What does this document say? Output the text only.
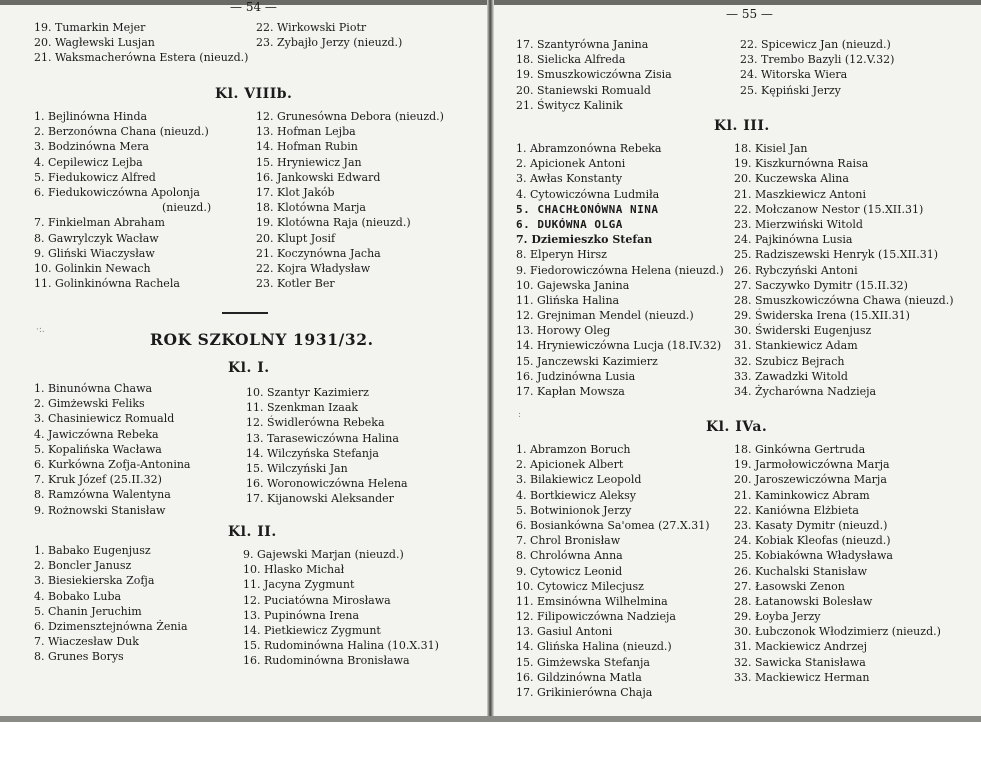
— 54 —
19. Tumarkin Mejer
20. Wagłewski Lusjan
21. Waksmacherówna Estera (nieuzd.)
22. Wirkowski Piotr
23. Zybajło Jerzy (nieuzd.)
Kl. VIIIb.
1. Bejlinówna Hinda
2. Berzonówna Chana (nieuzd.)
3. Bodzinówna Mera
4. Cepilewicz Lejba
5. Fiedukowicz Alfred
6. Fiedukowiczówna Apolonja
(nieuzd.)
7. Finkielman Abraham
8. Gawrylczyk Wacław
9. Gliński Wiaczysław
10. Golinkin Newach
11. Golinkinówna Rachela
12. Grunesówna Debora (nieuzd.)
13. Hofman Lejba
14. Hofman Rubin
15. Hryniewicz Jan
16. Jankowski Edward
17. Klot Jakób
18. Klotówna Marja
19. Klotówna Raja (nieuzd.)
20. Klupt Josif
21. Koczynówna Jacha
22. Kojra Władysław
23. Kotler Ber
·:.	ROK SZKOLNY 1931/32.
Kl. I.
1. Binunówna Chawa
2. Gimżewski Feliks
3. Chasiniewicz Romuald
4. Jawiczówna Rebeka
5. Kopalińska Wacława
6. Kurkówna Zofja-Antonina
7. Kruk Józef (25.II.32)
8. Ramzówna Walentyna
9. Rożnowski Stanisław
10. Szantyr Kazimierz
11. Szenkman Izaak
12. Świdlerówna Rebeka
13. Tarasewiczówna Halina
14. Wilczyńska Stefanja
15. Wilczyński Jan
16. Woronowiczówna Helena
17. Kijanowski Aleksander
Kl. II.
1. Babako Eugenjusz
2. Boncler Janusz
3. Biesiekierska Zofja
4. Bobako Luba
5. Chanin Jeruchim
6. Dzimensztejnówna Żenia
7. Wiaczesław Duk
8. Grunes Borys
9. Gajewski Marjan (nieuzd.)
10. Hlasko Michał
11. Jacyna Zygmunt
12. Puciatówna Mirosława
13. Pupinówna Irena
14. Pietkiewicz Zygmunt
15. Rudominówna Halina (10.X.31)
16. Rudominówna Bronisława
— 55 —
17. Szantyrówna Janina
18. Sielicka Alfreda
19. Smuszkowiczówna Zisia
20. Staniewski Romuald
21. Świtycz Kalinik
22. Spicewicz Jan (nieuzd.)
23. Trembo Bazyli (12.V.32)
24. Witorska Wiera
25. Kępiński Jerzy
Kl. III.
1. Abramzonówna Rebeka
2. Apicionek Antoni
3. Awłas Konstanty
4. Cytowiczówna Ludmiła
5. CHACHŁONÓWNA NINA
6. DUKÓWNA OLGA
7. Dziemieszko Stefan
8. Elperyn Hirsz
9. Fiedorowiczówna Helena (nieuzd.)
10. Gajewska Janina
11. Glińska Halina
12. Grejniman Mendel (nieuzd.)
13. Horowy Oleg
14. Hryniewiczówna Lucja (18.IV.32)
15. Janczewski Kazimierz
16. Judzinówna Lusia
17. Kapłan Mowsza
18. Kisiel Jan
19. Kiszkurnówna Raisa
20. Kuczewska Alina
21. Maszkiewicz Antoni
22. Mołczanow Nestor (15.XII.31)
23. Mierzwiński Witold
24. Pajkinówna Lusia
25. Radziszewski Henryk (15.XII.31)
26. Rybczyński Antoni
27. Saczywko Dymitr (15.II.32)
28. Smuszkowiczówna Chawa (nieuzd.)
29. Świderska Irena (15.XII.31)
30. Świderski Eugenjusz
31. Stankiewicz Adam
32. Szubicz Bejrach
33. Zawadzki Witold
34. Życharówna Nadzieja
:
Kl. IVa.
1. Abramzon Boruch
2. Apicionek Albert
3. Bilakiewicz Leopold
4. Bortkiewicz Aleksy
5. Botwinionok Jerzy
6. Bosiankówna Sa'omea (27.X.31)
7. Chrol Bronisław
8. Chrolówna Anna
9. Cytowicz Leonid
10. Cytowicz Milecjusz
11. Emsinówna Wilhelmina
12. Filipowiczówna Nadzieja
13. Gasiul Antoni
14. Glińska Halina (nieuzd.)
15. Gimżewska Stefanja
16. Gildzinówna Matla
17. Grikinierówna Chaja
18. Ginkówna Gertruda
19. Jarmołowiczówna Marja
20. Jaroszewiczówna Marja
21. Kaminkowicz Abram
22. Kaniówna Elżbieta
23. Kasaty Dymitr (nieuzd.)
24. Kobiak Kleofas (nieuzd.)
25. Kobiakówna Władysława
26. Kuchalski Stanisław
27. Łasowski Zenon
28. Łatanowski Bolesław
29. Łoyba Jerzy
30. Łubczonok Włodzimierz (nieuzd.)
31. Mackiewicz Andrzej
32. Sawicka Stanisława
33. Mackiewicz Herman
